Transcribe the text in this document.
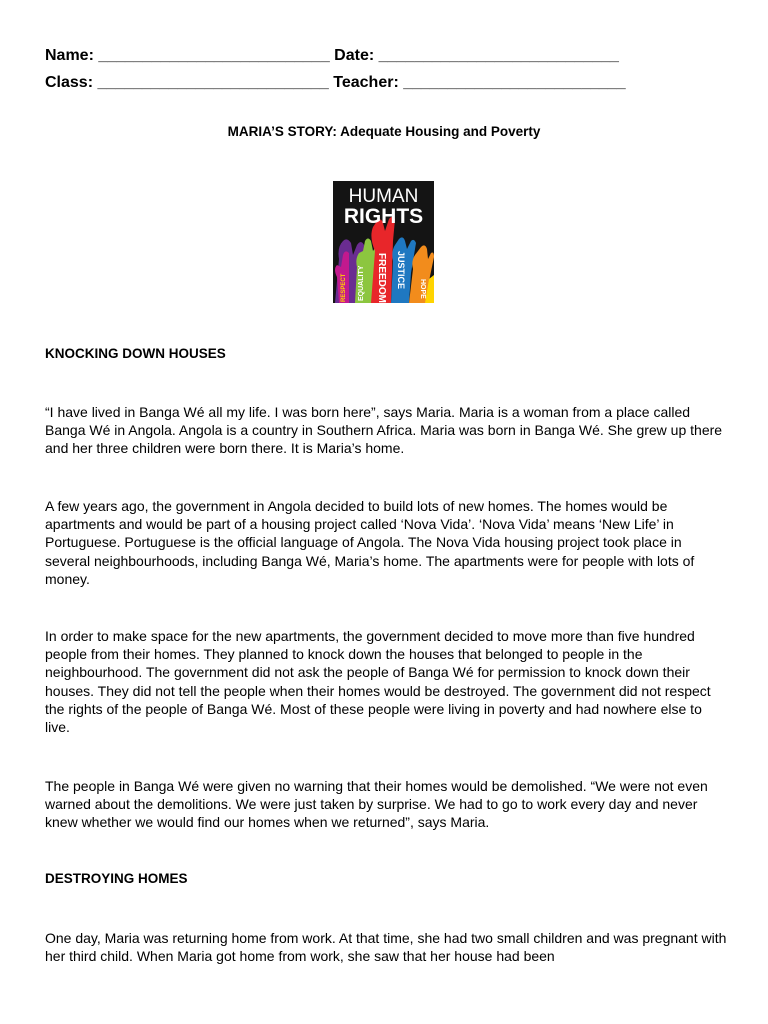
Name: __________________________ Date: ___________________________
Class: __________________________ Teacher: _________________________
MARIA’S STORY: Adequate Housing and Poverty
HUMAN
RIGHTS
EQUALITY FREEDOM JUSTICE HOPE
RESPECT
KNOCKING DOWN HOUSES

“I have lived in Banga Wé all my life. I was born here”, says Maria. Maria is a woman from a place called Banga Wé in Angola. Angola is a country in Southern Africa. Maria was born in Banga Wé. She grew up there and her three children were born there. It is Maria’s home.

A few years ago, the government in Angola decided to build lots of new homes. The homes would be apartments and would be part of a housing project called ‘Nova Vida’. ‘Nova Vida’ means ‘New Life’ in Portuguese. Portuguese is the official language of Angola. The Nova Vida housing project took place in several neighbourhoods, including Banga Wé, Maria’s home. The apartments were for people with lots of money.

In order to make space for the new apartments, the government decided to move more than five hundred people from their homes. They planned to knock down the houses that belonged to people in the neighbourhood. The government did not ask the people of Banga Wé for permission to knock down their houses. They did not tell the people when their homes would be destroyed. The government did not respect the rights of the people of Banga Wé. Most of these people were living in poverty and had nowhere else to live.

The people in Banga Wé were given no warning that their homes would be demolished. “We were not even warned about the demolitions. We were just taken by surprise. We had to go to work every day and never knew whether we would find our homes when we returned”, says Maria.

DESTROYING HOMES

One day, Maria was returning home from work. At that time, she had two small children and was pregnant with her third child. When Maria got home from work, she saw that her house had been
